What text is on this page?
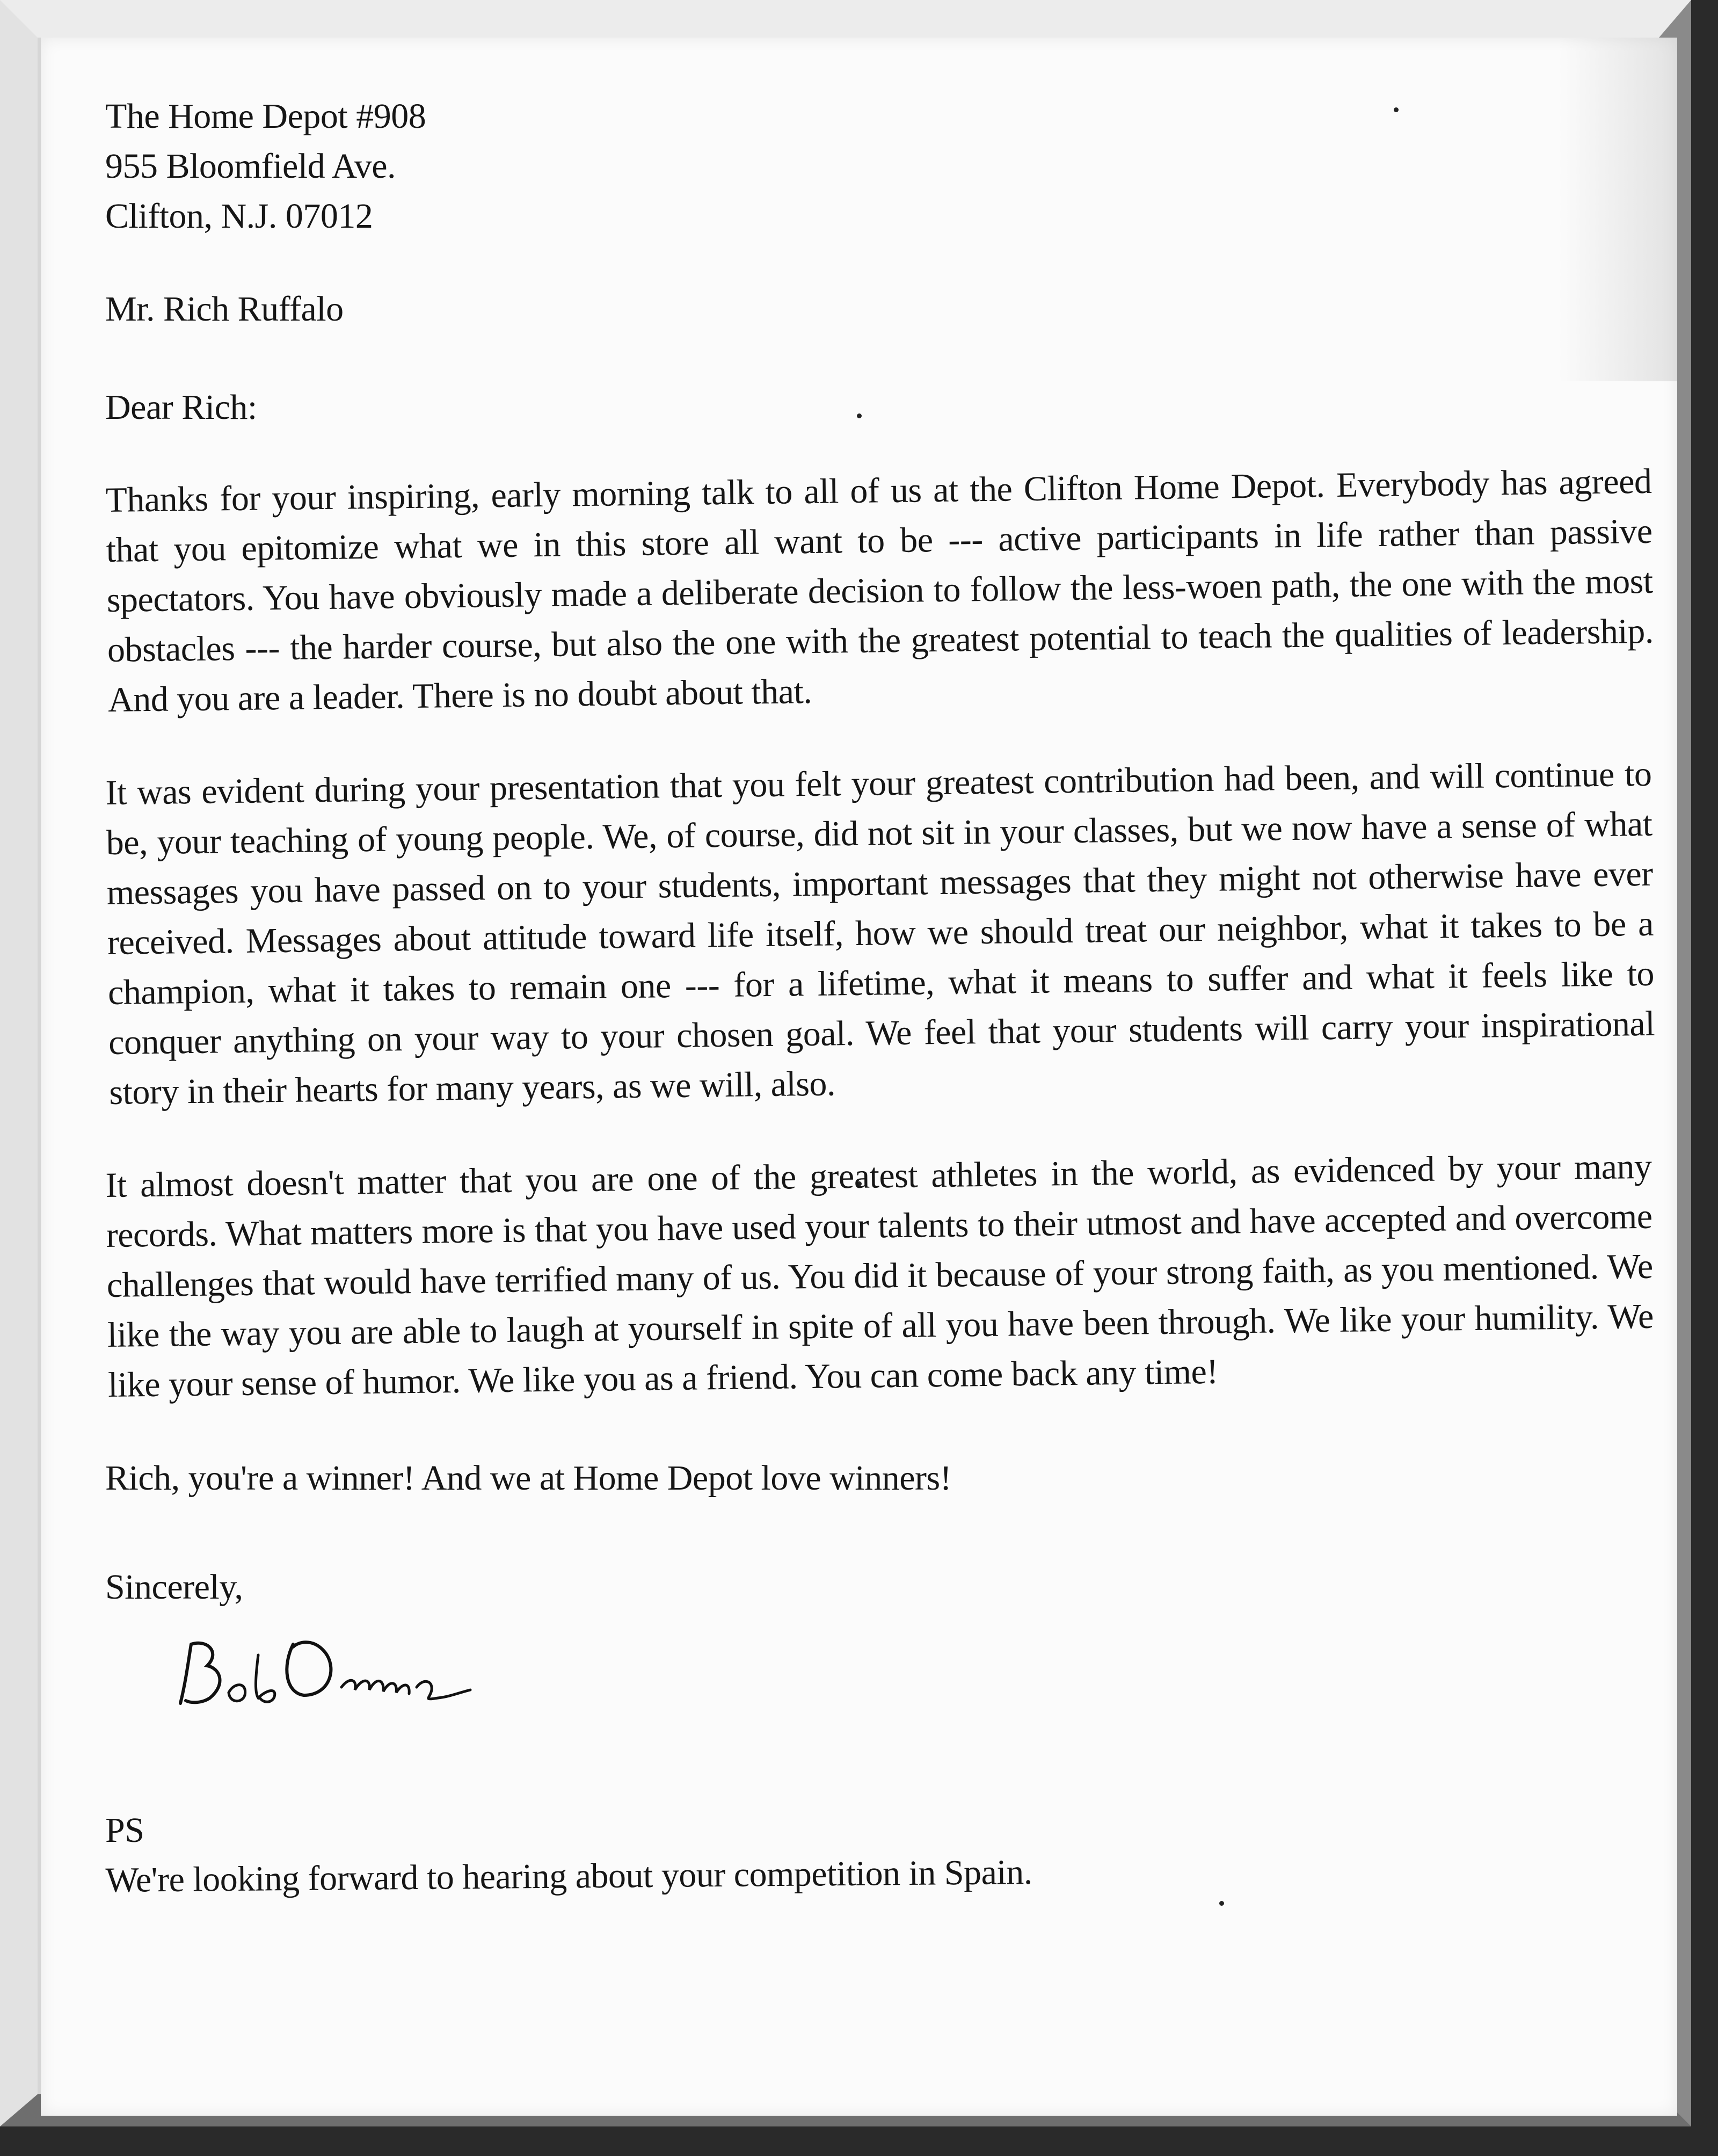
The Home Depot #908
955 Bloomfield Ave.
Clifton, N.J. 07012
Mr. Rich Ruffalo
Dear Rich:
Thanks for your inspiring, early morning talk to all of us at the Clifton Home Depot. Everybody has agreed that you epitomize what we in this store all want to be --- active participants in life rather than passive spectators. You have obviously made a deliberate decision to follow the less-woen path, the one with the most obstacles --- the harder course, but also the one with the greatest potential to teach the qualities of leadership. And you are a leader. There is no doubt about that.
It was evident during your presentation that you felt your greatest contribution had been, and will continue to be, your teaching of young people. We, of course, did not sit in your classes, but we now have a sense of what messages you have passed on to your students, important messages that they might not otherwise have ever received. Messages about attitude toward life itself, how we should treat our neighbor, what it takes to be a champion, what it takes to remain one --- for a lifetime, what it means to suffer and what it feels like to conquer anything on your way to your chosen goal. We feel that your students will carry your inspirational story in their hearts for many years, as we will, also.
It almost doesn't matter that you are one of the greatest athletes in the world, as evidenced by your many records. What matters more is that you have used your talents to their utmost and have accepted and overcome challenges that would have terrified many of us. You did it because of your strong faith, as you mentioned. We like the way you are able to laugh at yourself in spite of all you have been through. We like your humility. We like your sense of humor. We like you as a friend. You can come back any time!
Rich, you're a winner! And we at Home Depot love winners!
Sincerely,
PS
We're looking forward to hearing about your competition in Spain.
